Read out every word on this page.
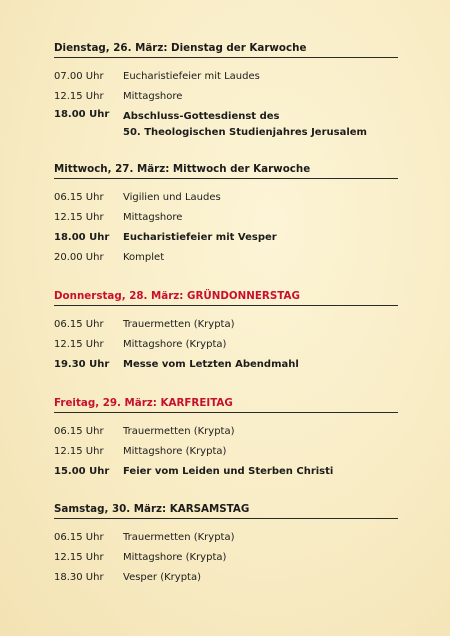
Dienstag, 26. März: Dienstag der Karwoche
07.00 Uhr	Eucharistiefeier mit Laudes
12.15 Uhr	Mittagshore
18.00 Uhr	Abschluss-Gottesdienst des
50. Theologischen Studienjahres Jerusalem
Mittwoch, 27. März: Mittwoch der Karwoche
06.15 Uhr	Vigilien und Laudes
12.15 Uhr	Mittagshore
18.00 Uhr	Eucharistiefeier mit Vesper
20.00 Uhr	Komplet
Donnerstag, 28. März: GRÜNDONNERSTAG
06.15 Uhr	Trauermetten (Krypta)
12.15 Uhr	Mittagshore (Krypta)
19.30 Uhr	Messe vom Letzten Abendmahl
Freitag, 29. März: KARFREITAG
06.15 Uhr	Trauermetten (Krypta)
12.15 Uhr	Mittagshore (Krypta)
15.00 Uhr	Feier vom Leiden und Sterben Christi
Samstag, 30. März: KARSAMSTAG
06.15 Uhr	Trauermetten (Krypta)
12.15 Uhr	Mittagshore (Krypta)
18.30 Uhr	Vesper (Krypta)
